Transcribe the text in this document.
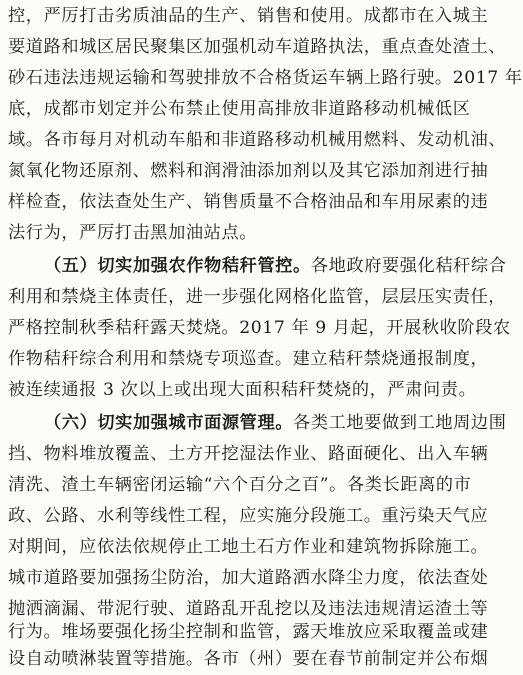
控，严厉打击劣质油品的生产、销售和使用。成都市在入城主
要道路和城区居民聚集区加强机动车道路执法，重点查处渣土、
砂石违法违规运输和驾驶排放不合格货运车辆上路行驶。2017 年
底，成都市划定并公布禁止使用高排放非道路移动机械低区
域。各市每月对机动车船和非道路移动机械用燃料、发动机油、
氮氧化物还原剂、燃料和润滑油添加剂以及其它添加剂进行抽
样检查，依法查处生产、销售质量不合格油品和车用尿素的违
法行为，严厉打击黑加油站点。
（五）切实加强农作物秸秆管控。各地政府要强化秸秆综合
利用和禁烧主体责任，进一步强化网格化监管，层层压实责任，
严格控制秋季秸秆露天焚烧。2017 年 9 月起，开展秋收阶段农
作物秸秆综合利用和禁烧专项巡查。建立秸秆禁烧通报制度，
被连续通报 3 次以上或出现大面积秸秆焚烧的，严肃问责。
（六）切实加强城市面源管理。各类工地要做到工地周边围
挡、物料堆放覆盖、土方开挖湿法作业、路面硬化、出入车辆
清洗、渣土车辆密闭运输“六个百分之百”。各类长距离的市
政、公路、水利等线性工程，应实施分段施工。重污染天气应
对期间，应依法依规停止工地土石方作业和建筑物拆除施工。
城市道路要加强扬尘防治，加大道路洒水降尘力度，依法查处
抛洒滴漏、带泥行驶、道路乱开乱挖以及违法违规清运渣土等
行为。堆场要强化扬尘控制和监管，露天堆放应采取覆盖或建
设自动喷淋装置等措施。各市（州）要在春节前制定并公布烟
